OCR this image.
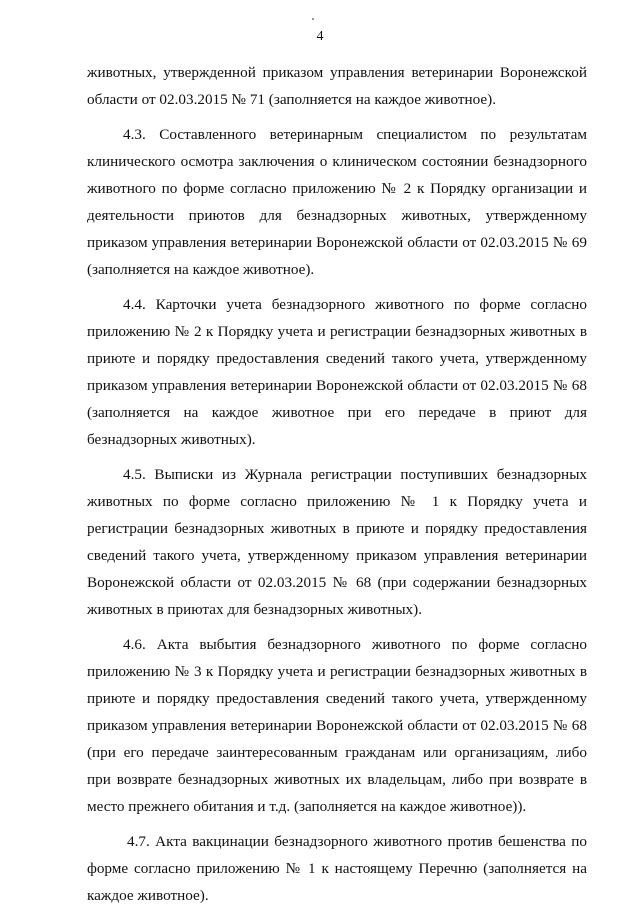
4

животных, утвержденной приказом управления ветеринарии Воронежской области от 02.03.2015 № 71 (заполняется на каждое животное).

4.3. Составленного ветеринарным специалистом по результатам клинического осмотра заключения о клиническом состоянии безнадзорного животного по форме согласно приложению № 2 к Порядку организации и деятельности приютов для безнадзорных животных, утвержденному приказом управления ветеринарии Воронежской области от 02.03.2015 № 69 (заполняется на каждое животное).

4.4. Карточки учета безнадзорного животного по форме согласно приложению № 2 к Порядку учета и регистрации безнадзорных животных в приюте и порядку предоставления сведений такого учета, утвержденному приказом управления ветеринарии Воронежской области от 02.03.2015 № 68 (заполняется на каждое животное при его передаче в приют для безнадзорных животных).

4.5. Выписки из Журнала регистрации поступивших безнадзорных животных по форме согласно приложению № 1 к Порядку учета и регистрации безнадзорных животных в приюте и порядку предоставления сведений такого учета, утвержденному приказом управления ветеринарии Воронежской области от 02.03.2015 № 68 (при содержании безнадзорных животных в приютах для безнадзорных животных).

4.6. Акта выбытия безнадзорного животного по форме согласно приложению № 3 к Порядку учета и регистрации безнадзорных животных в приюте и порядку предоставления сведений такого учета, утвержденному приказом управления ветеринарии Воронежской области от 02.03.2015 № 68 (при его передаче заинтересованным гражданам или организациям, либо при возврате безнадзорных животных их владельцам, либо при возврате в место прежнего обитания и т.д. (заполняется на каждое животное)).

4.7. Акта вакцинации безнадзорного животного против бешенства по форме согласно приложению № 1 к настоящему Перечню (заполняется на каждое животное).
